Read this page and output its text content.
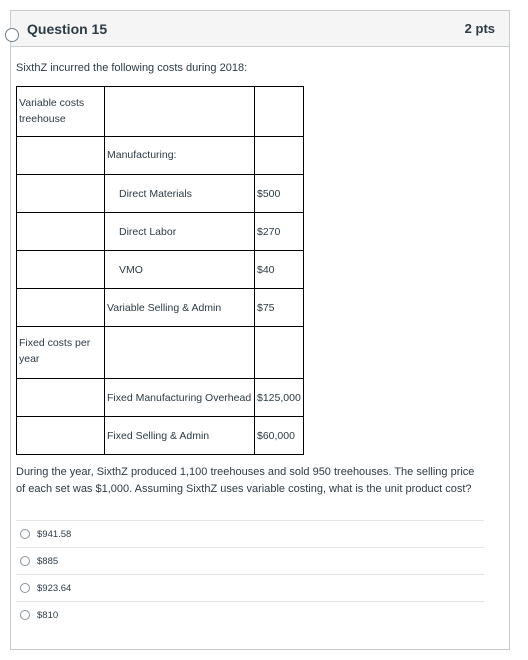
Question 15	2 pts
SixthZ incurred the following costs during 2018:
Variable costs treehouse		
	Manufacturing:	
	Direct Materials	$500
	Direct Labor	$270
	VMO	$40
	Variable Selling & Admin	$75
Fixed costs per year		
	Fixed Manufacturing Overhead	$125,000
	Fixed Selling & Admin	$60,000
During the year, SixthZ produced 1,100 treehouses and sold 950 treehouses. The selling price of each set was $1,000. Assuming SixthZ uses variable costing, what is the unit product cost?
$941.58
$885
$923.64
$810
